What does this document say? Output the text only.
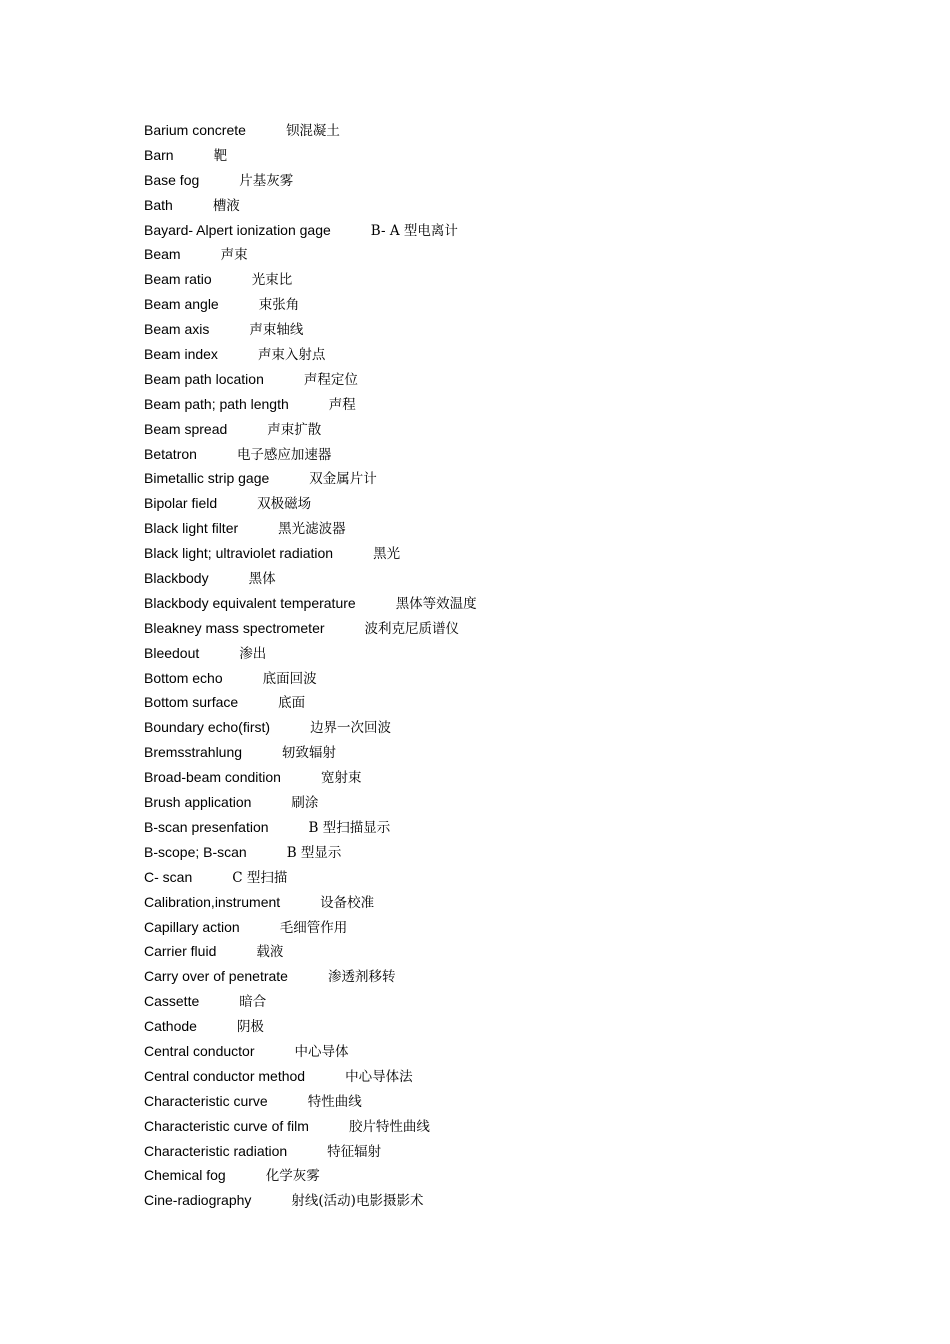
Barium concrete	钡混凝土
Barn	靶
Base fog	片基灰雾
Bath	槽液
Bayard- Alpert ionization gage	B- A 型电离计
Beam	声束
Beam ratio	光束比
Beam angle	束张角
Beam axis	声束轴线
Beam index	声束入射点
Beam path location	声程定位
Beam path; path length	声程
Beam spread	声束扩散
Betatron	电子感应加速器
Bimetallic strip gage	双金属片计
Bipolar field	双极磁场
Black light filter	黑光滤波器
Black light; ultraviolet radiation	黑光
Blackbody	黑体
Blackbody equivalent temperature	黑体等效温度
Bleakney mass spectrometer	波利克尼质谱仪
Bleedout	渗出
Bottom echo	底面回波
Bottom surface	底面
Boundary echo(first)	边界一次回波
Bremsstrahlung	轫致辐射
Broad-beam condition	宽射束
Brush application	刷涂
B-scan presenfation	B 型扫描显示
B-scope; B-scan	B 型显示
C- scan	C 型扫描
Calibration,instrument	设备校准
Capillary action	毛细管作用
Carrier fluid	载液
Carry over of penetrate	渗透剂移转
Cassette	暗合
Cathode	阴极
Central conductor	中心导体
Central conductor method	中心导体法
Characteristic curve	特性曲线
Characteristic curve of film	胶片特性曲线
Characteristic radiation	特征辐射
Chemical fog	化学灰雾
Cine-radiography	射线(活动)电影摄影术
